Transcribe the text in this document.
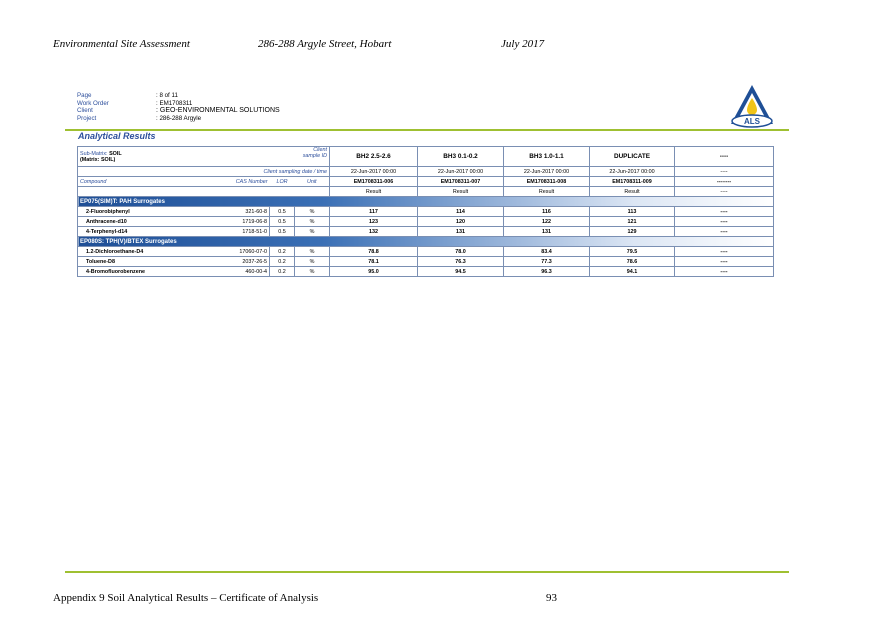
Environmental Site Assessment	286-288 Argyle Street, Hobart	July 2017
Page	: 8 of 11
Work Order	: EM1708311
Client	: GEO-ENVIRONMENTAL SOLUTIONS
Project	: 286-288 Argyle	ALS
Analytical Results
Sub-Matrix: SOIL
(Matrix: SOIL)			Client sample ID	BH2 2.5-2.6	BH3 0.1-0.2	BH3 1.0-1.1	DUPLICATE	----
Client sampling date / time				22-Jun-2017 00:00	22-Jun-2017 00:00	22-Jun-2017 00:00	22-Jun-2017 00:00	----
Compound	CAS Number	LOR	Unit	EM1708311-006	EM1708311-007	EM1708311-008	EM1708311-009	--------
				Result	Result	Result	Result	----
EP075(SIM)T: PAH Surrogates								
2-Fluorobiphenyl	321-60-8	0.5	%	117	114	116	113	----
Anthracene-d10	1719-06-8	0.5	%	123	120	122	121	----
4-Terphenyl-d14	1718-51-0	0.5	%	132	131	131	129	----
EP080S: TPH(V)/BTEX Surrogates								
1.2-Dichloroethane-D4	17060-07-0	0.2	%	78.8	78.0	83.4	79.5	----
Toluene-D8	2037-26-5	0.2	%	78.1	76.3	77.3	78.6	----
4-Bromofluorobenzene	460-00-4	0.2	%	95.0	94.5	96.3	94.1	----
Appendix 9 Soil Analytical Results – Certificate of Analysis	93
